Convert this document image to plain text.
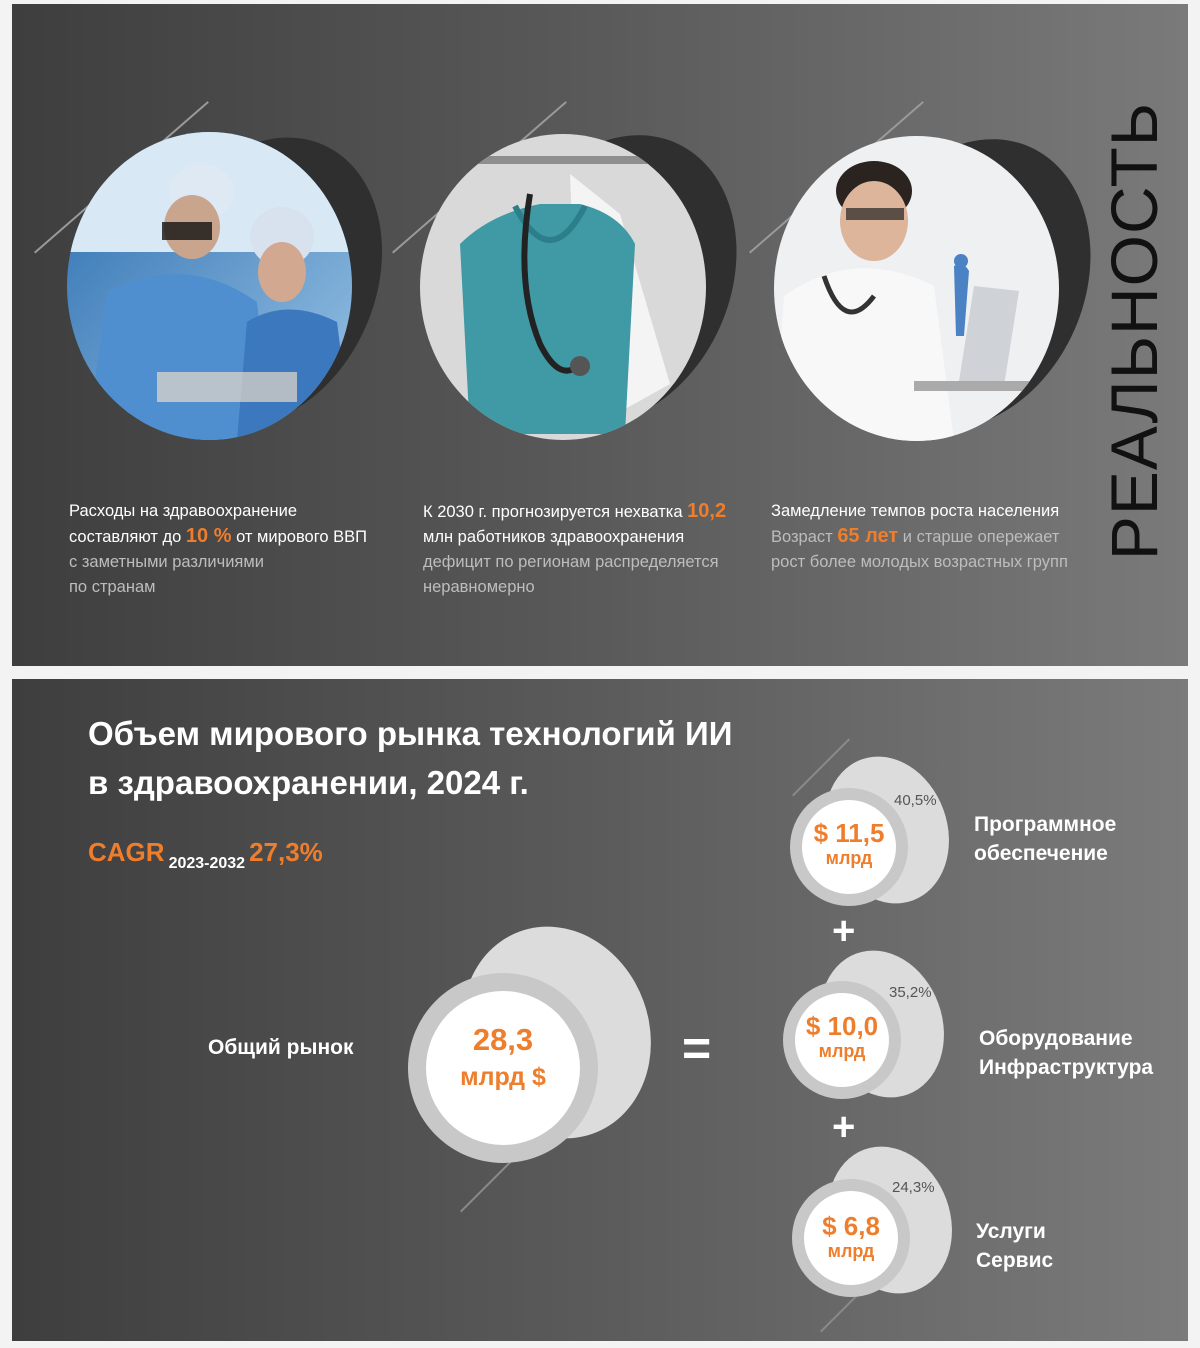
Расходы на здравоохранение
составляют до 10 % от мирового ВВП
с заметными различиями
по странам
К 2030 г. прогнозируется нехватка 10,2
млн работников здравоохранения
дефицит по регионам распределяется
неравномерно
Замедление темпов роста населения
Возраст 65 лет и старше опережает
рост более молодых возрастных групп
РЕАЛЬНОСТЬ
Объем мирового рынка технологий ИИ
в здравоохранении, 2024 г.
CAGR $_{2023-2032}$ 27,3%
Общий рынок	28,3
млрд $
=
$ 11,5
млрд
40,5%
Программное
обеспечение
+
$ 10,0
млрд
35,2%
Оборудование
Инфраструктура
+
$ 6,8
млрд
24,3%
Услуги
Сервис
